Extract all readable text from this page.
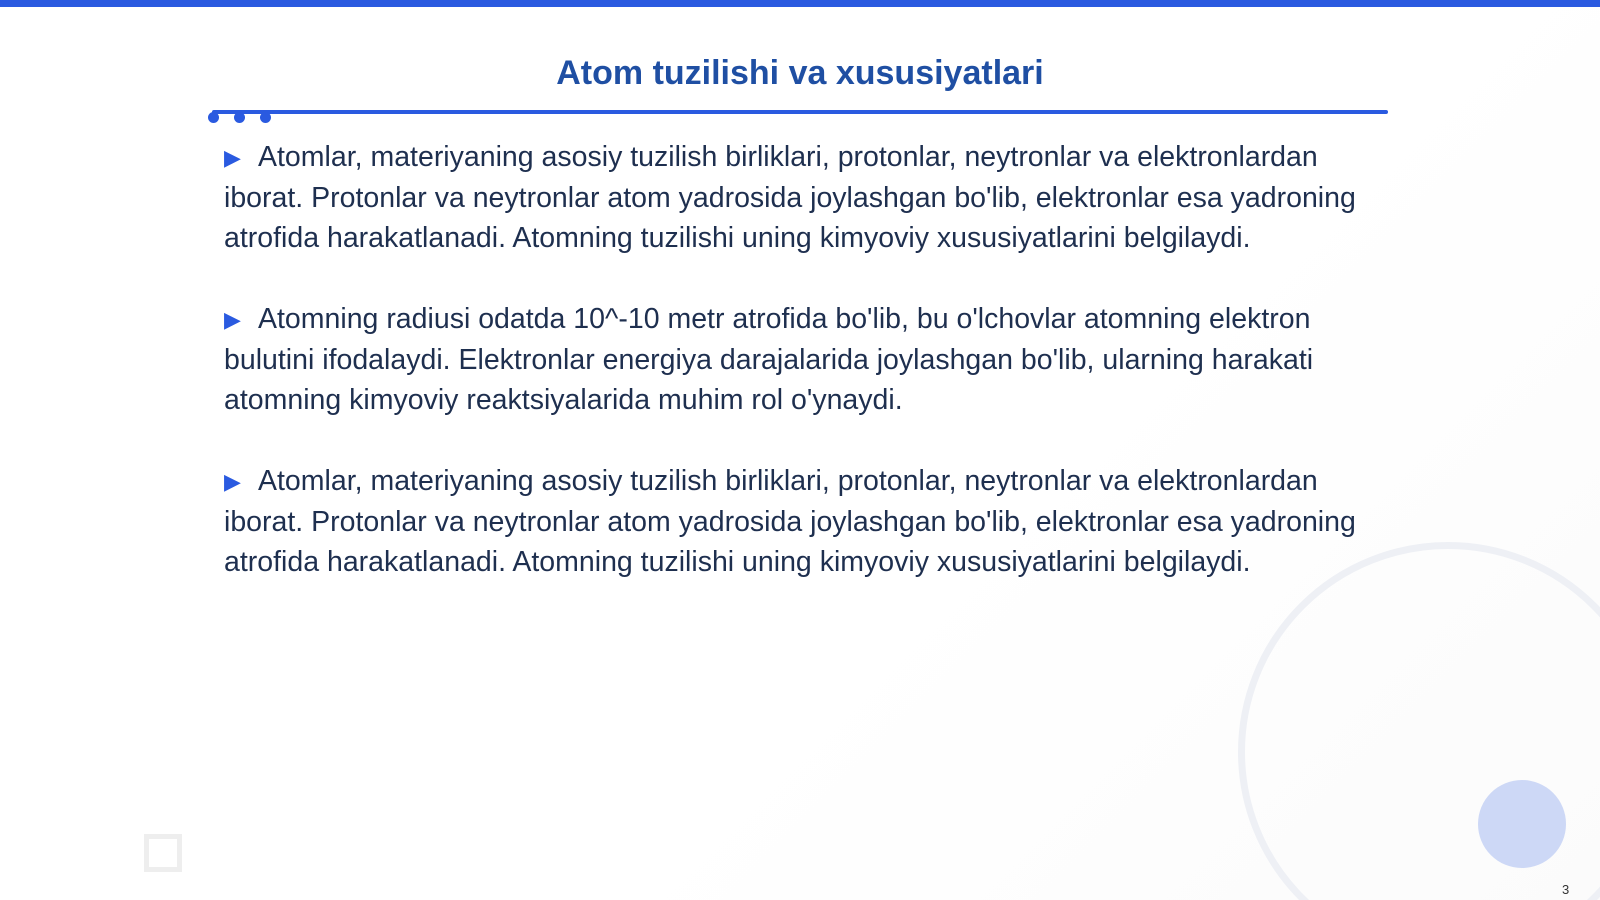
Atom tuzilishi va xususiyatlari

▶ Atomlar, materiyaning asosiy tuzilish birliklari, protonlar, neytronlar va elektronlardan iborat. Protonlar va neytronlar atom yadrosida joylashgan bo'lib, elektronlar esa yadroning atrofida harakatlanadi. Atomning tuzilishi uning kimyoviy xususiyatlarini belgilaydi.

▶ Atomning radiusi odatda 10^-10 metr atrofida bo'lib, bu o'lchovlar atomning elektron bulutini ifodalaydi. Elektronlar energiya darajalarida joylashgan bo'lib, ularning harakati atomning kimyoviy reaktsiyalarida muhim rol o'ynaydi.

▶ Atomlar, materiyaning asosiy tuzilish birliklari, protonlar, neytronlar va elektronlardan iborat. Protonlar va neytronlar atom yadrosida joylashgan bo'lib, elektronlar esa yadroning atrofida harakatlanadi. Atomning tuzilishi uning kimyoviy xususiyatlarini belgilaydi.

3
